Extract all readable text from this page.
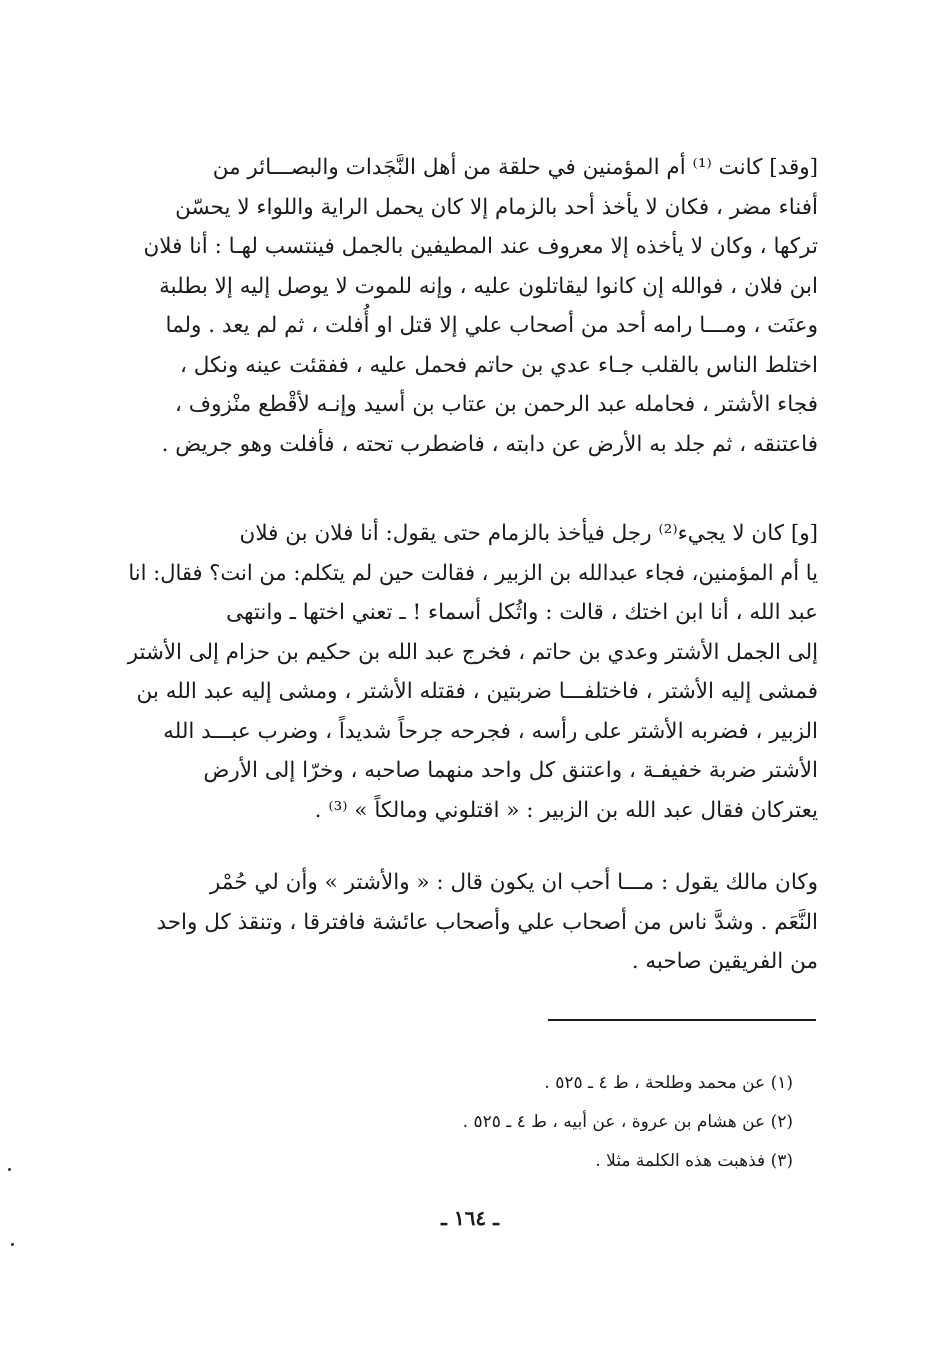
[وقد] كانت ⁽¹⁾ أم المؤمنين في حلقة من أهل النَّجَدات والبصـــائر من
أفناء مضر ، فكان لا يأخذ أحد بالزمام إلا كان يحمل الراية واللواء لا يحسّن
تركها ، وكان لا يأخذه إلا معروف عند المطيفين بالجمل فينتسب لهـا : أنا فلان
ابن فلان ، فوالله إن كانوا ليقاتلون عليه ، وإنه للموت لا يوصل إليه إلا بطلبة
وعنَت ، ومـــا رامه أحد من أصحاب علي إلا قتل او أُفلت ، ثم لم يعد . ولما
اختلط الناس بالقلب جـاء عدي بن حاتم فحمل عليه ، ففقئت عينه ونكل ،
فجاء الأشتر ، فحامله عبد الرحمن بن عتاب بن أسيد وإنـه لأقْطع منْزوف ،
فاعتنقه ، ثم جلد به الأرض عن دابته ، فاضطرب تحته ، فأفلت وهو جريض .
[و] كان لا يجيء⁽²⁾ رجل فيأخذ بالزمام حتى يقول: أنا فلان بن فلان
يا أم المؤمنين، فجاء عبدالله بن الزبير ، فقالت حين لم يتكلم: من انت؟ فقال: انا
عبد الله ، أنا ابن اختك ، قالت : واثُكل أسماء ! ـ تعني اختها ـ وانتهى
إلى الجمل الأشتر وعدي بن حاتم ، فخرج عبد الله بن حكيم بن حزام إلى الأشتر
فمشى إليه الأشتر ، فاختلفـــا ضربتين ، فقتله الأشتر ، ومشى إليه عبد الله بن
الزبير ، فضربه الأشتر على رأسه ، فجرحه جرحاً شديداً ، وضرب عبـــد الله
الأشتر ضربة خفيفـة ، واعتنق كل واحد منهما صاحبه ، وخرّا إلى الأرض
يعتركان فقال عبد الله بن الزبير : « اقتلوني ومالكاً » ⁽³⁾ .
وكان مالك يقول : مـــا أحب ان يكون قال : « والأشتر » وأن لي حُمْر
النَّعَم . وشدَّ ناس من أصحاب علي وأصحاب عائشة فافترقا ، وتنقذ كل واحد
من الفريقين صاحبه .
(١) عن محمد وطلحة ، ط ٤ ـ ٥٢٥ .
(٢) عن هشام بن عروة ، عن أبيه ، ط ٤ ـ ٥٢٥ .
(٣) فذهبت هذه الكلمة مثلا .
ـ ١٦٤ ـ
